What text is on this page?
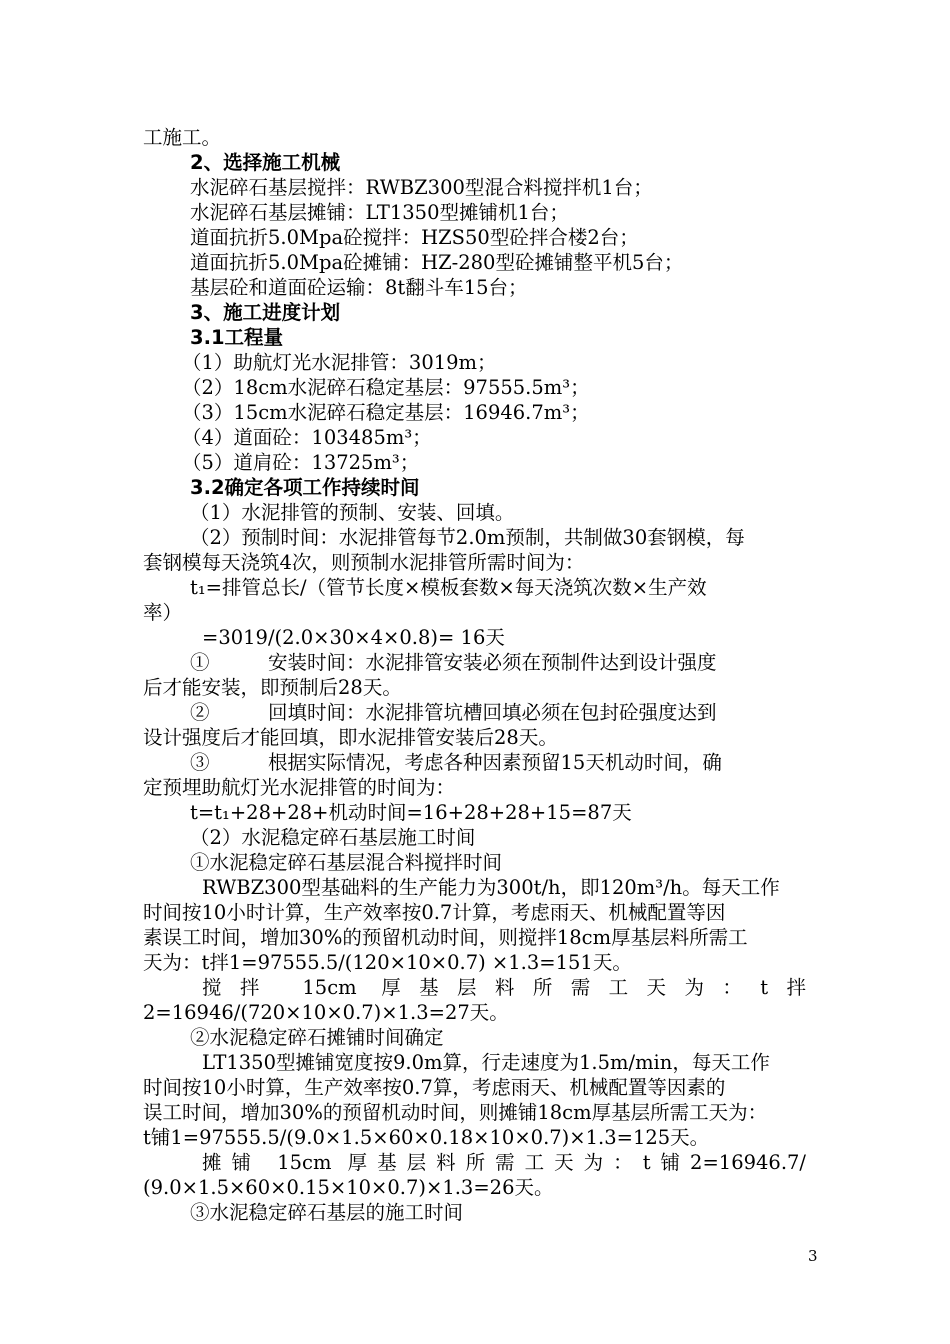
工施工。
2、选择施工机械
水泥碎石基层搅拌：RWBZ300型混合料搅拌机1台；
水泥碎石基层摊铺：LT1350型摊铺机1台；
道面抗折5.0Mpa砼搅拌：HZS50型砼拌合楼2台；
道面抗折5.0Mpa砼摊铺：HZ-280型砼摊铺整平机5台；
基层砼和道面砼运输：8t翻斗车15台；
3、施工进度计划
3.1工程量
（1）助航灯光水泥排管：3019m；
（2）18cm水泥碎石稳定基层：97555.5m³；
（3）15cm水泥碎石稳定基层：16946.7m³；
（4）道面砼：103485m³；
（5）道肩砼：13725m³；
3.2确定各项工作持续时间
（1）水泥排管的预制、安装、回填。
（2）预制时间：水泥排管每节2.0m预制，共制做30套钢模，每
套钢模每天浇筑4次，则预制水泥排管所需时间为：
t₁=排管总长/（管节长度×模板套数×每天浇筑次数×生产效
率）
=3019/(2.0×30×4×0.8)= 16天
①　　　安装时间：水泥排管安装必须在预制件达到设计强度
后才能安装，即预制后28天。
②　　　回填时间：水泥排管坑槽回填必须在包封砼强度达到
设计强度后才能回填，即水泥排管安装后28天。
③　　　根据实际情况，考虑各种因素预留15天机动时间，确
定预埋助航灯光水泥排管的时间为：
t=t₁+28+28+机动时间=16+28+28+15=87天
（2）水泥稳定碎石基层施工时间
①水泥稳定碎石基层混合料搅拌时间
RWBZ300型基础料的生产能力为300t/h，即120m³/h。每天工作
时间按10小时计算，生产效率按0.7计算，考虑雨天、机械配置等因
素误工时间，增加30%的预留机动时间，则搅拌18cm厚基层料所需工
天为：t拌1=97555.5/(120×10×0.7) ×1.3=151天。
搅拌 15cm 厚基层料所需工天为：t拌
2=16946/(720×10×0.7)×1.3=27天。
②水泥稳定碎石摊铺时间确定
LT1350型摊铺宽度按9.0m算，行走速度为1.5m/min，每天工作
时间按10小时算，生产效率按0.7算，考虑雨天、机械配置等因素的
误工时间，增加30%的预留机动时间，则摊铺18cm厚基层所需工天为：
t铺1=97555.5/(9.0×1.5×60×0.18×10×0.7)×1.3=125天。
摊铺 15cm 厚基层料所需工天为：t铺2=16946.7/
(9.0×1.5×60×0.15×10×0.7)×1.3=26天。
③水泥稳定碎石基层的施工时间
3
